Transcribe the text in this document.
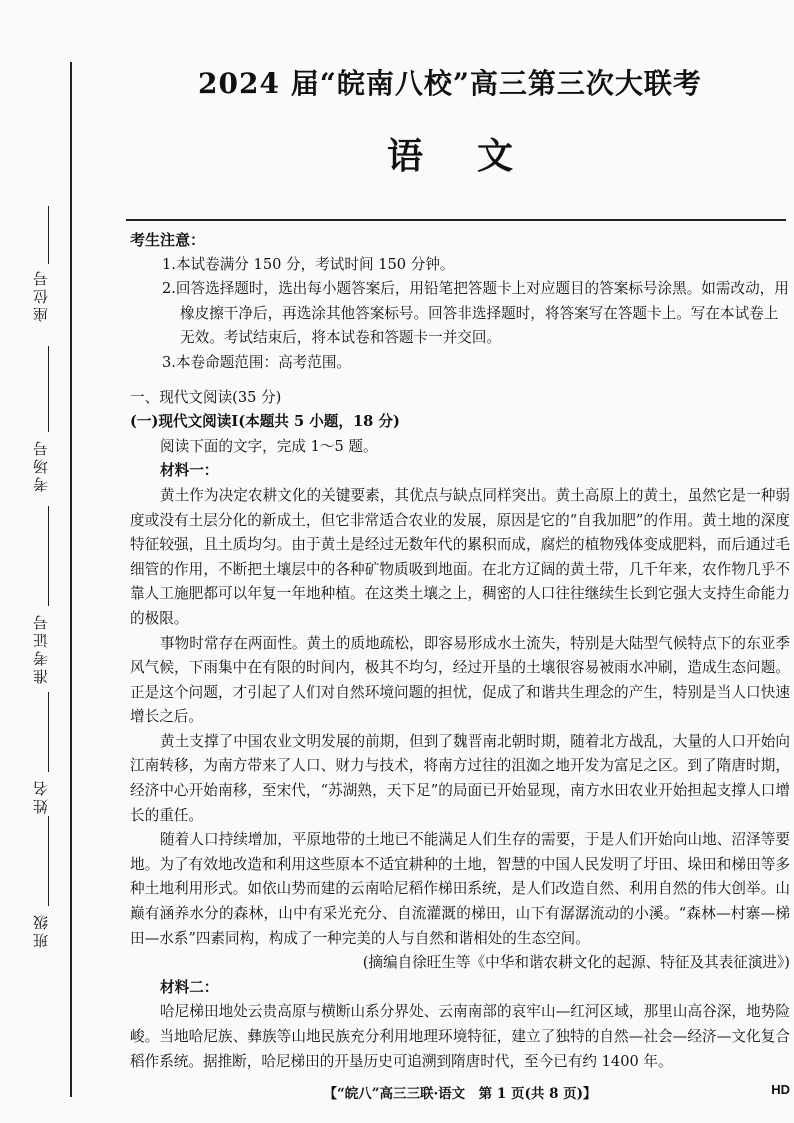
座位号
考场号
准考证号
姓名
班级
2024 届“皖南八校”高三第三次大联考
语文

考生注意：

1.本试卷满分 150 分，考试时间 150 分钟。
2.回答选择题时，选出每小题答案后，用铅笔把答题卡上对应题目的答案标号涂黑。如需改动，用橡皮擦干净后，再选涂其他答案标号。回答非选择题时，将答案写在答题卡上。写在本试卷上无效。考试结束后，将本试卷和答题卡一并交回。
3.本卷命题范围：高考范围。

一、现代文阅读(35 分)

(一)现代文阅读Ⅰ(本题共 5 小题，18 分)

阅读下面的文字，完成 1～5 题。

材料一：

黄土作为决定农耕文化的关键要素，其优点与缺点同样突出。黄土高原上的黄土，虽然它是一种弱度或没有土层分化的新成土，但它非常适合农业的发展，原因是它的“自我加肥”的作用。黄土地的深度特征较强，且土质均匀。由于黄土是经过无数年代的累积而成，腐烂的植物残体变成肥料，而后通过毛细管的作用，不断把土壤层中的各种矿物质吸到地面。在北方辽阔的黄土带，几千年来，农作物几乎不靠人工施肥都可以年复一年地种植。在这类土壤之上，稠密的人口往往继续生长到它强大支持生命能力的极限。

事物时常存在两面性。黄土的质地疏松，即容易形成水土流失，特别是大陆型气候特点下的东亚季风气候，下雨集中在有限的时间内，极其不均匀，经过开垦的土壤很容易被雨水冲刷，造成生态问题。正是这个问题，才引起了人们对自然环境问题的担忧，促成了和谐共生理念的产生，特别是当人口快速增长之后。

黄土支撑了中国农业文明发展的前期，但到了魏晋南北朝时期，随着北方战乱，大量的人口开始向江南转移，为南方带来了人口、财力与技术，将南方过往的沮洳之地开发为富足之区。到了隋唐时期，经济中心开始南移，至宋代，“苏湖熟，天下足”的局面已开始显现，南方水田农业开始担起支撑人口增长的重任。

随着人口持续增加，平原地带的土地已不能满足人们生存的需要，于是人们开始向山地、沼泽等要地。为了有效地改造和利用这些原本不适宜耕种的土地，智慧的中国人民发明了圩田、垛田和梯田等多种土地利用形式。如依山势而建的云南哈尼稻作梯田系统，是人们改造自然、利用自然的伟大创举。山巅有涵养水分的森林，山中有采光充分、自流灌溉的梯田，山下有潺潺流动的小溪。“森林—村寨—梯田—水系”四素同构，构成了一种完美的人与自然和谐相处的生态空间。

(摘编自徐旺生等《中华和谐农耕文化的起源、特征及其表征演进》)

材料二：

哈尼梯田地处云贵高原与横断山系分界处、云南南部的哀牢山—红河区域，那里山高谷深，地势险峻。当地哈尼族、彝族等山地民族充分利用地理环境特征，建立了独特的自然—社会—经济—文化复合稻作系统。据推断，哈尼梯田的开垦历史可追溯到隋唐时代，至今已有约 1400 年。

【“皖八”高三三联·语文　第 1 页(共 8 页)】	HD
